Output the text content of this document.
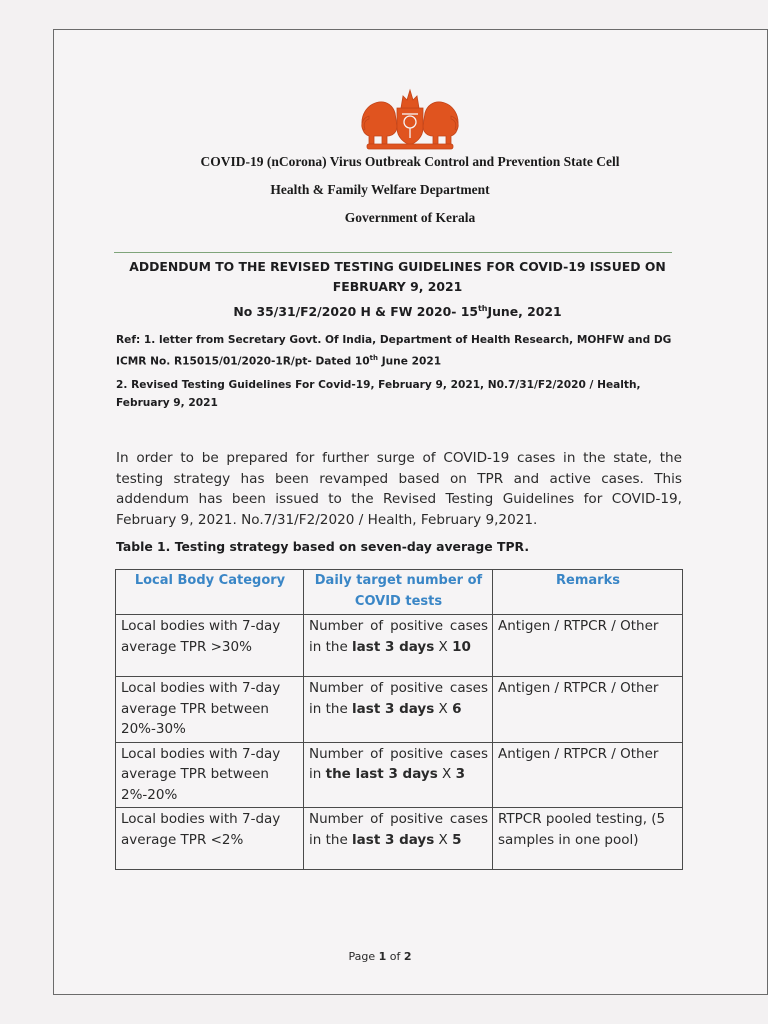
COVID-19 (nCorona) Virus Outbreak Control and Prevention State Cell
Health & Family Welfare Department
Government of Kerala
ADDENDUM TO THE REVISED TESTING GUIDELINES FOR COVID-19 ISSUED ON FEBRUARY 9, 2021
No 35/31/F2/2020 H & FW 2020- 15thJune, 2021
Ref: 1. letter from Secretary Govt. Of India, Department of Health Research, MOHFW and DG ICMR No. R15015/01/2020-1R/pt- Dated 10th June 2021
2. Revised Testing Guidelines For Covid-19, February 9, 2021, N0.7/31/F2/2020 / Health, February 9, 2021
In order to be prepared for further surge of COVID-19 cases in the state, the testing strategy has been revamped based on TPR and active cases. This addendum has been issued to the Revised Testing Guidelines for COVID-19, February 9, 2021. No.7/31/F2/2020 / Health, February 9,2021.
Table 1. Testing strategy based on seven-day average TPR.
Local Body Category	Daily target number of COVID tests	Remarks
Local bodies with 7-day average TPR >30%	Number of positive cases in the last 3 days X 10	Antigen / RTPCR / Other
Local bodies with 7-day average TPR between 20%-30%	Number of positive cases in the last 3 days X 6	Antigen / RTPCR / Other
Local bodies with 7-day average TPR between 2%-20%	Number of positive cases in the last 3 days X 3	Antigen / RTPCR / Other
Local bodies with 7-day average TPR <2%	Number of positive cases in the last 3 days X 5	RTPCR pooled testing, (5 samples in one pool)
Page 1 of 2
